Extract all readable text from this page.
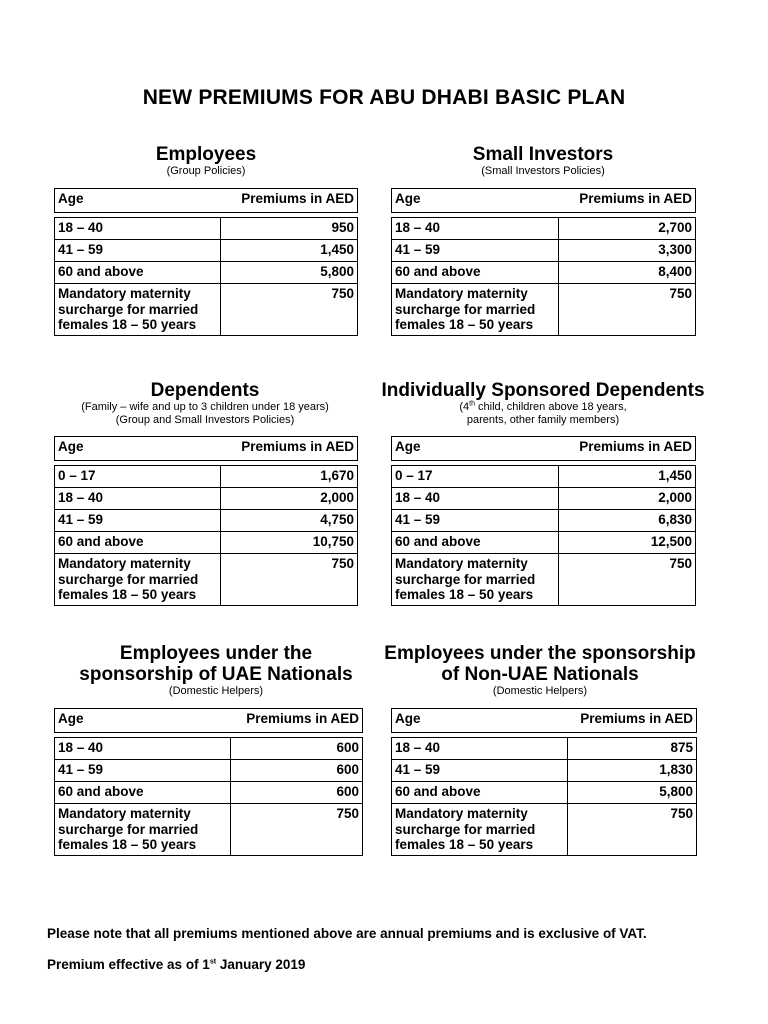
NEW PREMIUMS FOR ABU DHABI BASIC PLAN
Employees
(Group Policies)
Age	Premiums in AED

18 – 40	950
41 – 59	1,450
60 and above	5,800

Mandatory maternity
surcharge for married
females 18 – 50 years	750
Small Investors
(Small Investors Policies)
Age	Premiums in AED

18 – 40	2,700
41 – 59	3,300
60 and above	8,400

Mandatory maternity
surcharge for married
females 18 – 50 years	750
Dependents
(Family – wife and up to 3 children under 18 years)
(Group and Small Investors Policies)
Age	Premiums in AED

0 – 17	1,670
18 – 40	2,000
41 – 59	4,750
60 and above	10,750

Mandatory maternity
surcharge for married
females 18 – 50 years	750
Individually Sponsored Dependents
(4th child, children above 18 years,
parents, other family members)
Age	Premiums in AED

0 – 17	1,450
18 – 40	2,000
41 – 59	6,830
60 and above	12,500

Mandatory maternity
surcharge for married
females 18 – 50 years	750
Employees under the
sponsorship of UAE Nationals
(Domestic Helpers)
Age	Premiums in AED

18 – 40	600
41 – 59	600
60 and above	600

Mandatory maternity
surcharge for married
females 18 – 50 years	750
Employees under the sponsorship
of Non-UAE Nationals
(Domestic Helpers)
Age	Premiums in AED

18 – 40	875
41 – 59	1,830
60 and above	5,800

Mandatory maternity
surcharge for married
females 18 – 50 years	750
Please note that all premiums mentioned above are annual premiums and is exclusive of VAT.
Premium effective as of 1st January 2019
